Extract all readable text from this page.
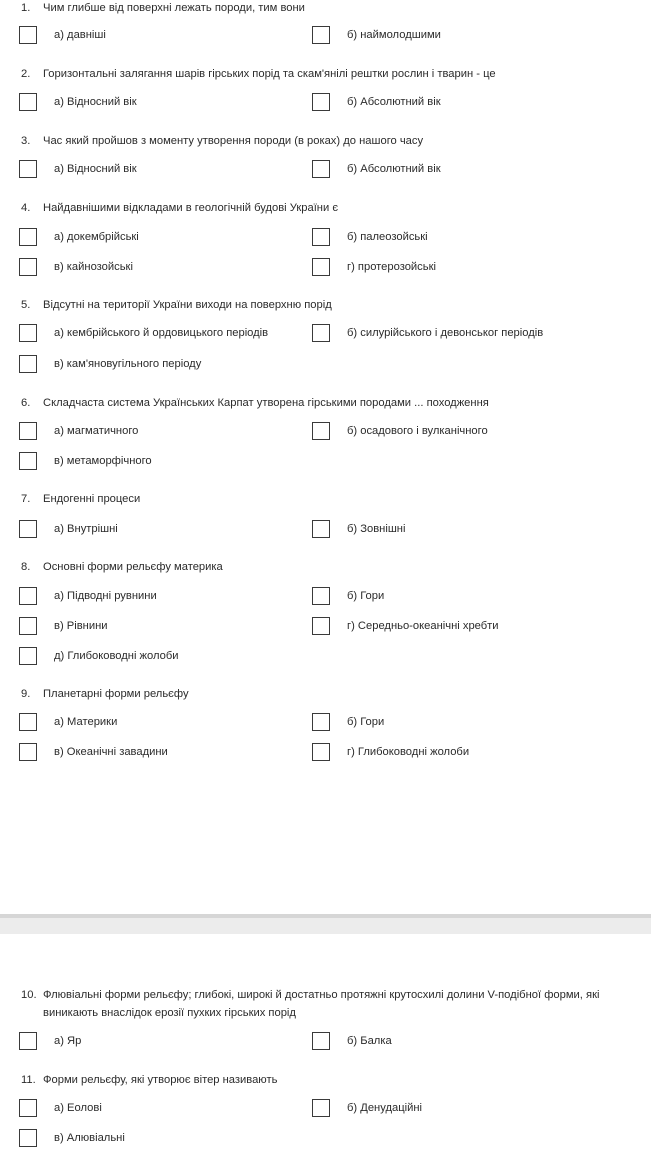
1. Чим глибше від поверхні лежать породи, тим вони
а) давніші	б) наймолодшими
2. Горизонтальні залягання шарів гірських порід та скам'янілі рештки рослин і тварин - це
а) Відносний вік	б) Абсолютний вік
3. Час який пройшов з моменту утворення породи (в роках) до нашого часу
а) Відносний вік	б) Абсолютний вік
4. Найдавнішими відкладами в геологічній будові України є
а) докембрійські	б) палеозойські
в) кайнозойські	г) протерозойські
5. Відсутні на території України виходи на поверхню порід
а) кембрійського й ордовицького періодів	б) силурійського і девонськог періодів
в) кам'яновугільного періоду
6. Складчаста система Українських Карпат утворена гірськими породами ... походження
а) магматичного	б) осадового і вулканічного
в) метаморфічного
7. Ендогенні процеси
а) Внутрішні	б) Зовнішні
8. Основні форми рельєфу материка
а) Підводні рувнини	б) Гори
в) Рівнини	г) Середньо-океанічні хребти
д) Глибоководні жолоби
9. Планетарні форми рельєфу
а) Материки	б) Гори
в) Океанічні завадини	г) Глибоководні жолоби
10. Флювіальні форми рельєфу; глибокі, широкі й достатньо протяжні крутосхилі долини V-подібної форми, які виникають внаслідок ерозії пухких гірських порід
а) Яр	б) Балка
11. Форми рельєфу, які утворює вітер називають
а) Еолові	б) Денудаційні
в) Алювіальні
